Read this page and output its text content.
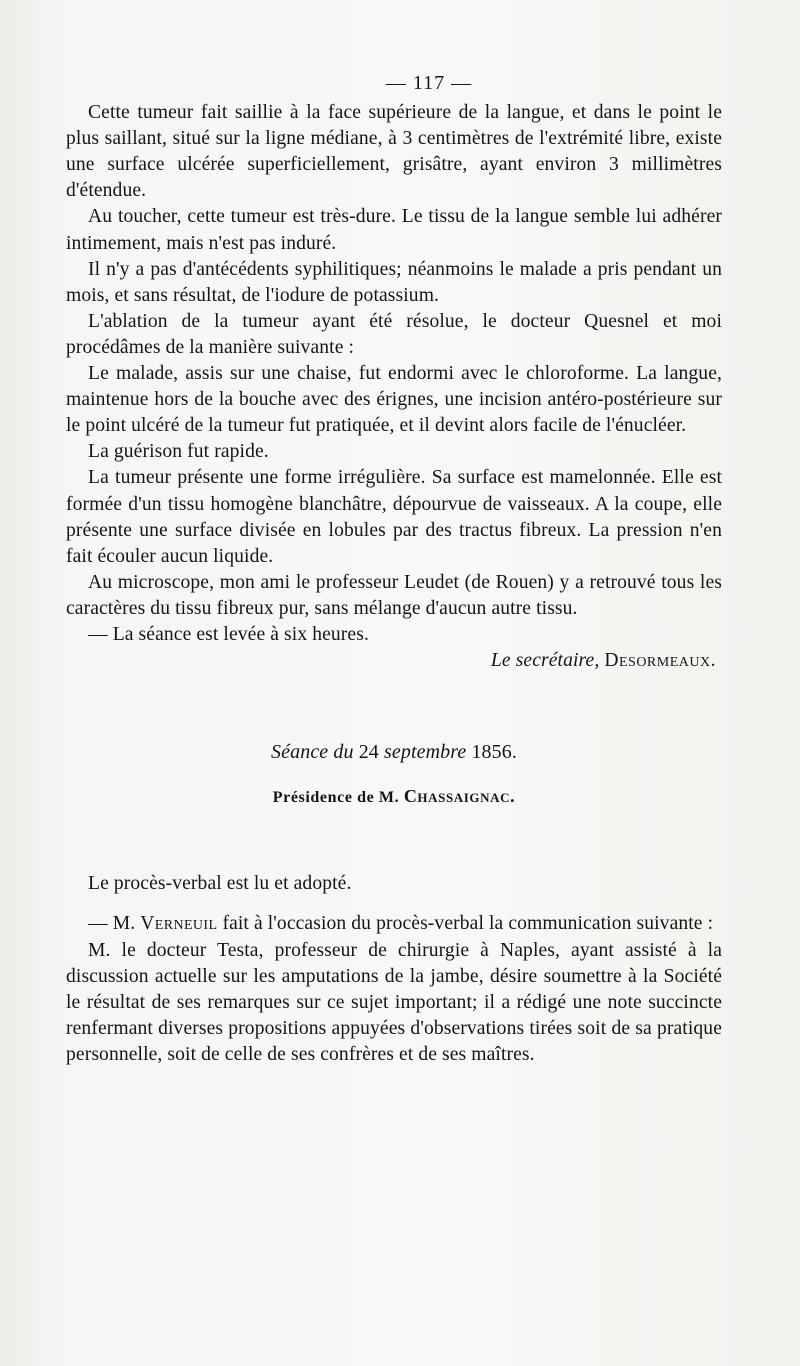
— 117 —

Cette tumeur fait saillie à la face supérieure de la langue, et dans le point le plus saillant, situé sur la ligne médiane, à 3 centimètres de l'extrémité libre, existe une surface ulcérée superficiellement, grisâtre, ayant environ 3 millimètres d'étendue.

Au toucher, cette tumeur est très-dure. Le tissu de la langue semble lui adhérer intimement, mais n'est pas induré.

Il n'y a pas d'antécédents syphilitiques; néanmoins le malade a pris pendant un mois, et sans résultat, de l'iodure de potassium.

L'ablation de la tumeur ayant été résolue, le docteur Quesnel et moi procédâmes de la manière suivante :

Le malade, assis sur une chaise, fut endormi avec le chloroforme. La langue, maintenue hors de la bouche avec des érignes, une incision antéro-postérieure sur le point ulcéré de la tumeur fut pratiquée, et il devint alors facile de l'énucléer.

La guérison fut rapide.

La tumeur présente une forme irrégulière. Sa surface est mamelonnée. Elle est formée d'un tissu homogène blanchâtre, dépourvue de vaisseaux. A la coupe, elle présente une surface divisée en lobules par des tractus fibreux. La pression n'en fait écouler aucun liquide.

Au microscope, mon ami le professeur Leudet (de Rouen) y a retrouvé tous les caractères du tissu fibreux pur, sans mélange d'aucun autre tissu.

— La séance est levée à six heures.

Le secrétaire, Desormeaux.
Séance du 24 septembre 1856.
Présidence de M. Chassaignac.

Le procès-verbal est lu et adopté.

— M. Verneuil fait à l'occasion du procès-verbal la communication suivante :

M. le docteur Testa, professeur de chirurgie à Naples, ayant assisté à la discussion actuelle sur les amputations de la jambe, désire soumettre à la Société le résultat de ses remarques sur ce sujet important; il a rédigé une note succincte renfermant diverses propositions appuyées d'observations tirées soit de sa pratique personnelle, soit de celle de ses confrères et de ses maîtres.
